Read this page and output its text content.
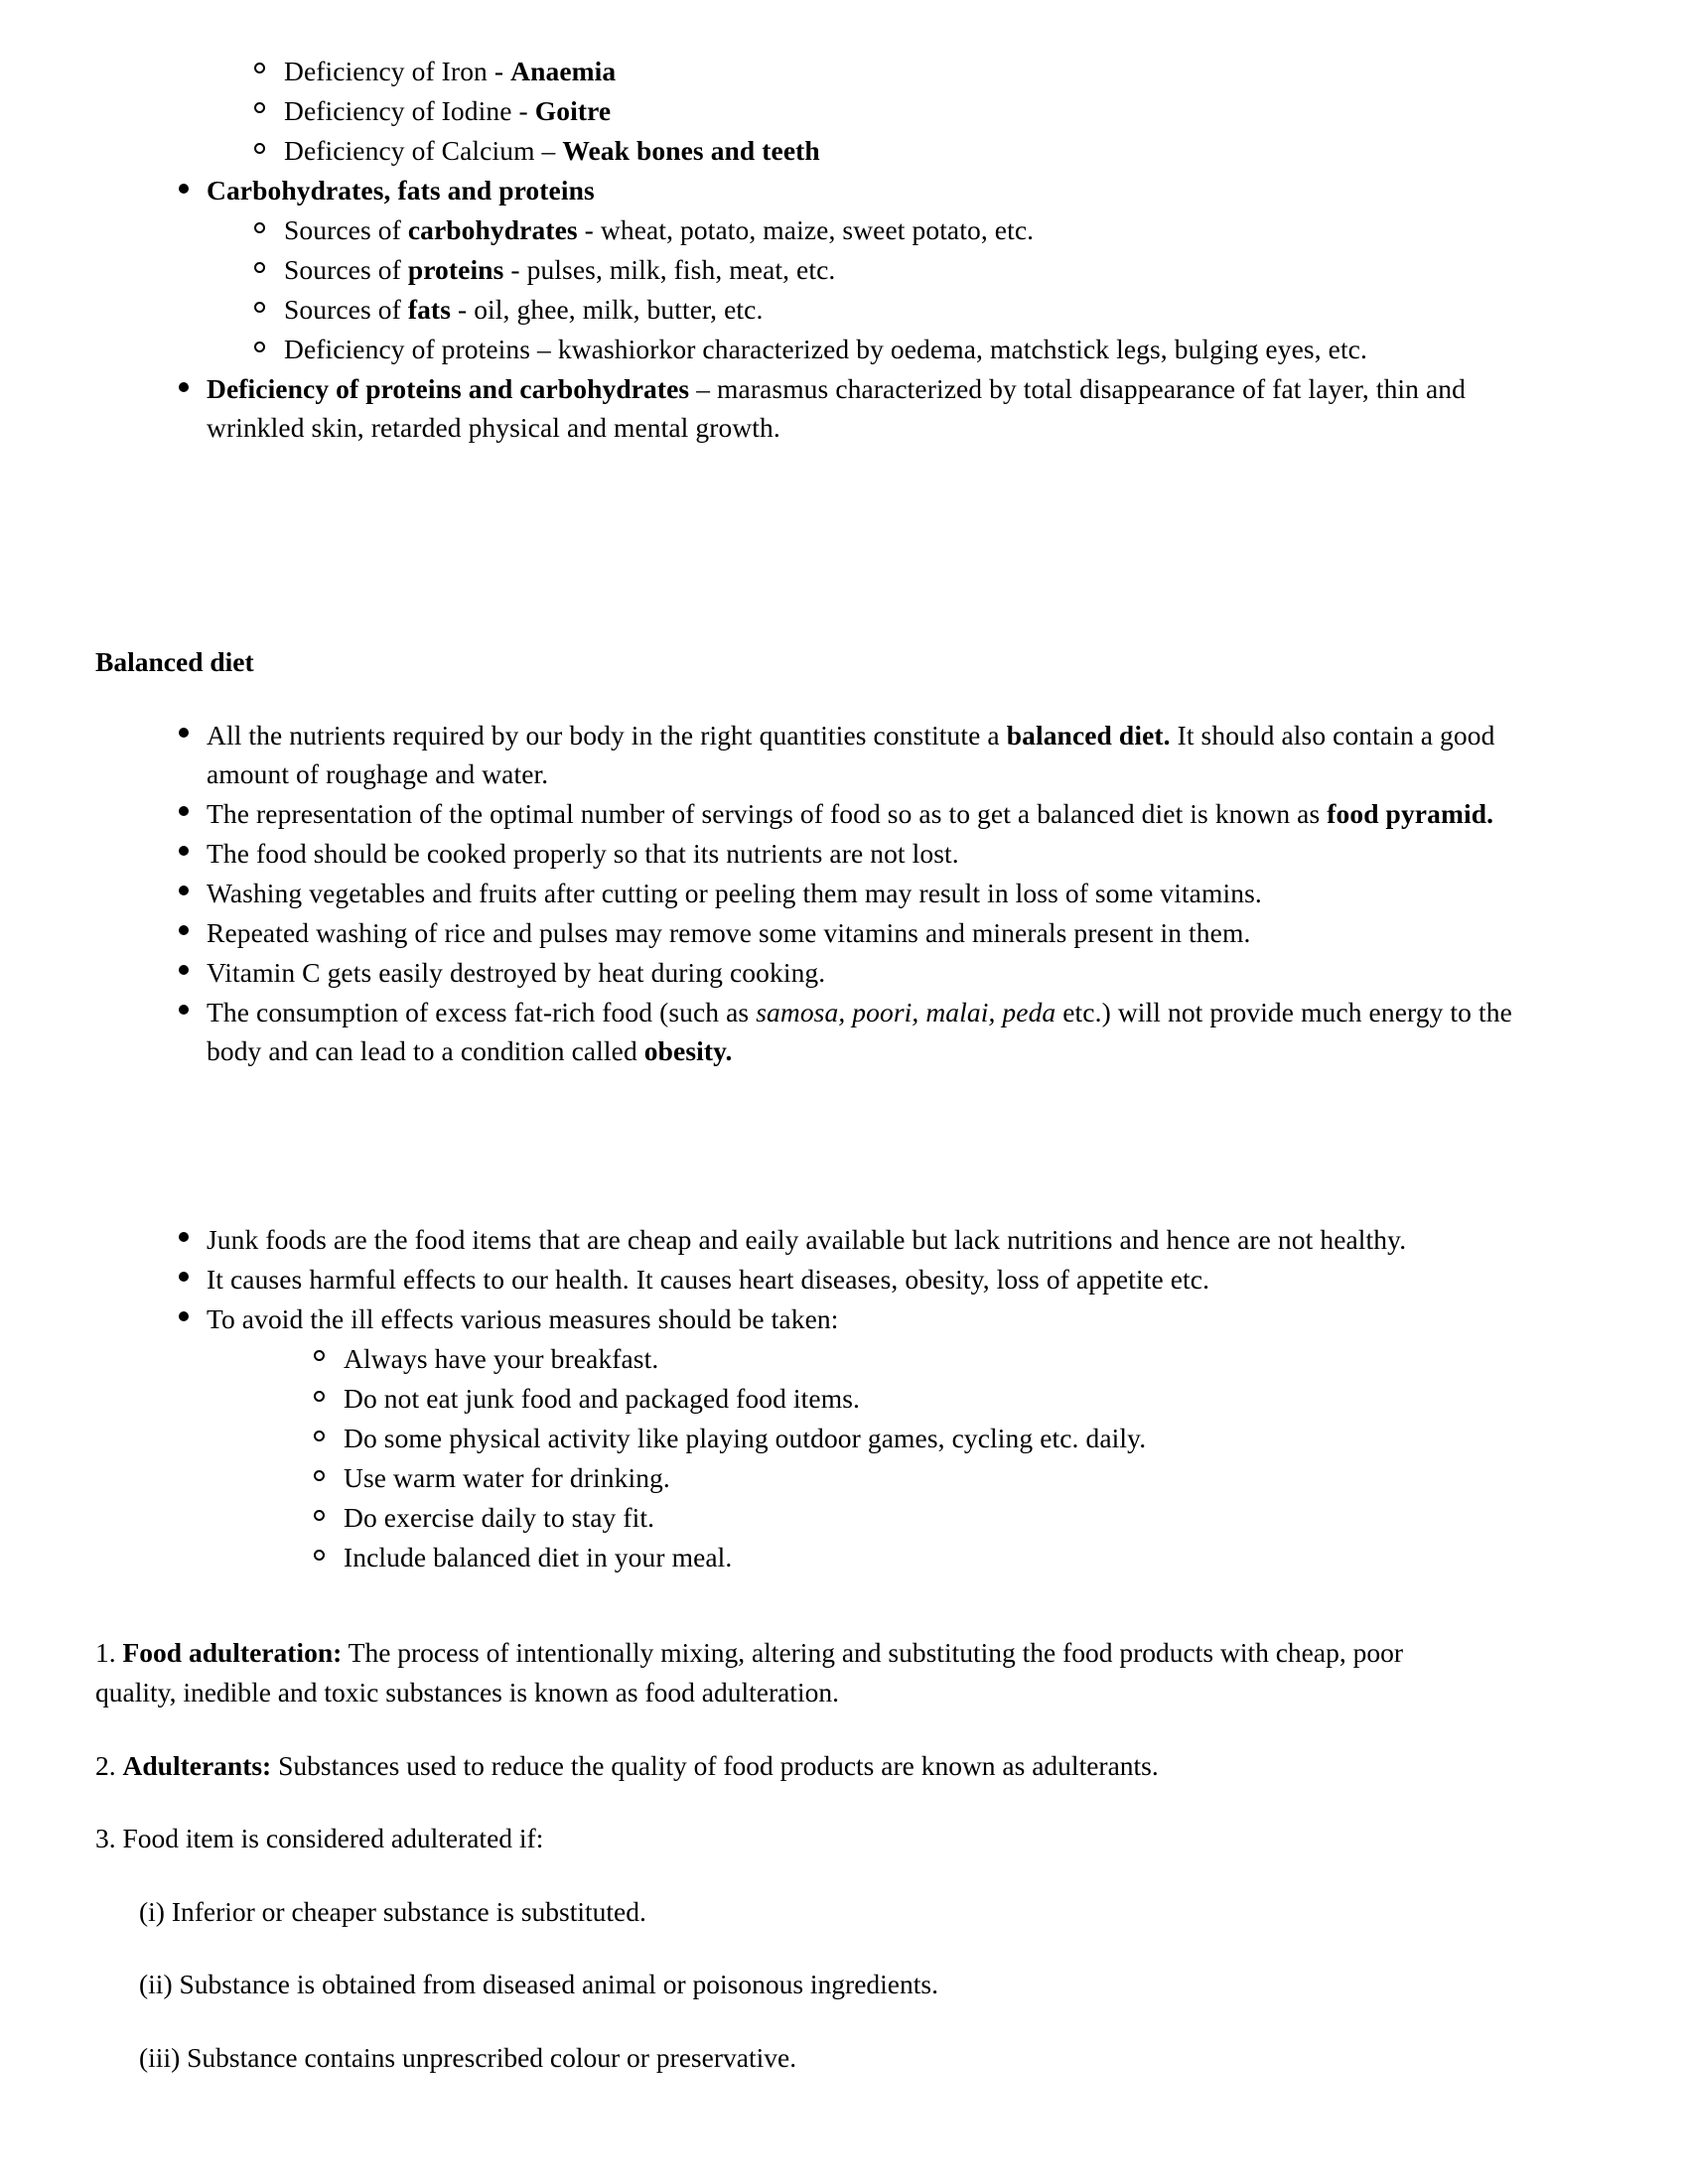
Deficiency of Iron - Anaemia
Deficiency of Iodine - Goitre
Deficiency of Calcium – Weak bones and teeth
Carbohydrates, fats and proteins
Sources of carbohydrates - wheat, potato, maize, sweet potato, etc.
Sources of proteins - pulses, milk, fish, meat, etc.
Sources of fats - oil, ghee, milk, butter, etc.
Deficiency of proteins – kwashiorkor characterized by oedema, matchstick legs, bulging eyes, etc.
Deficiency of proteins and carbohydrates – marasmus characterized by total disappearance of fat layer, thin and wrinkled skin, retarded physical and mental growth.
Balanced diet
All the nutrients required by our body in the right quantities constitute a balanced diet. It should also contain a good amount of roughage and water.
The representation of the optimal number of servings of food so as to get a balanced diet is known as food pyramid.
The food should be cooked properly so that its nutrients are not lost.
Washing vegetables and fruits after cutting or peeling them may result in loss of some vitamins.
Repeated washing of rice and pulses may remove some vitamins and minerals present in them.
Vitamin C gets easily destroyed by heat during cooking.
The consumption of excess fat-rich food (such as samosa, poori, malai, peda etc.) will not provide much energy to the body and can lead to a condition called obesity.
Junk foods are the food items that are cheap and eaily available but lack nutritions and hence are not healthy.
It causes harmful effects to our health. It causes heart diseases, obesity, loss of appetite etc.
To avoid the ill effects various measures should be taken:
Always have your breakfast.
Do not eat junk food and packaged food items.
Do some physical activity like playing outdoor games, cycling etc. daily.
Use warm water for drinking.
Do exercise daily to stay fit.
Include balanced diet in your meal.

1. Food adulteration: The process of intentionally mixing, altering and substituting the food products with cheap, poor quality, inedible and toxic substances is known as food adulteration.

2. Adulterants: Substances used to reduce the quality of food products are known as adulterants.

3. Food item is considered adulterated if:

(i) Inferior or cheaper substance is substituted.

(ii) Substance is obtained from diseased animal or poisonous ingredients.

(iii) Substance contains unprescribed colour or preservative.
